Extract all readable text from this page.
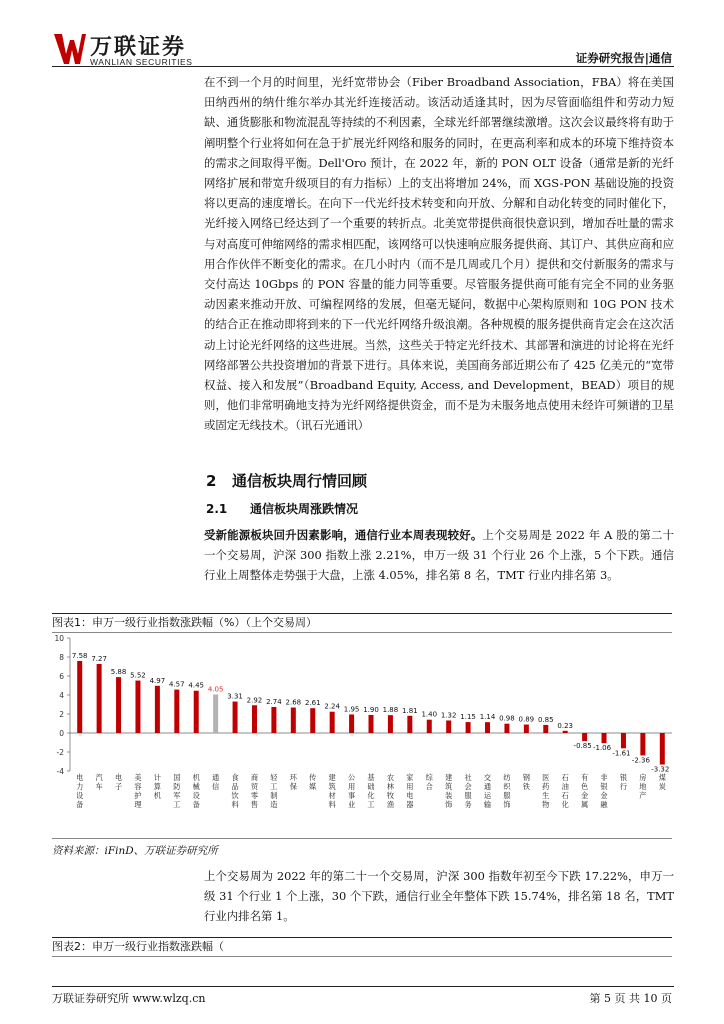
万联证券
WANLIAN SECURITIES	证券研究报告|通信
在不到一个月的时间里，光纤宽带协会（Fiber Broadband Association，FBA）将在美国田纳西州的纳什维尔举办其光纤连接活动。该活动适逢其时，因为尽管面临组件和劳动力短缺、通货膨胀和物流混乱等持续的不利因素，全球光纤部署继续激增。这次会议最终将有助于阐明整个行业将如何在急于扩展光纤网络和服务的同时，在更高利率和成本的环境下维持资本的需求之间取得平衡。Dell'Oro 预计，在 2022 年，新的 PON OLT 设备（通常是新的光纤网络扩展和带宽升级项目的有力指标）上的支出将增加 24%，而 XGS-PON 基础设施的投资将以更高的速度增长。在向下一代光纤技术转变和向开放、分解和自动化转变的同时催化下，光纤接入网络已经达到了一个重要的转折点。北美宽带提供商很快意识到，增加吞吐量的需求与对高度可伸缩网络的需求相匹配，该网络可以快速响应服务提供商、其订户、其供应商和应用合作伙伴不断变化的需求。在几小时内（而不是几周或几个月）提供和交付新服务的需求与交付高达 10Gbps 的 PON 容量的能力同等重要。尽管服务提供商可能有完全不同的业务驱动因素来推动开放、可编程网络的发展，但毫无疑问，数据中心架构原则和 10G PON 技术的结合正在推动即将到来的下一代光纤网络升级浪潮。各种规模的服务提供商肯定会在这次活动上讨论光纤网络的这些进展。当然，这些关于特定光纤技术、其部署和演进的讨论将在光纤网络部署公共投资增加的背景下进行。具体来说，美国商务部近期公布了 425 亿美元的“宽带权益、接入和发展”（Broadband Equity, Access, and Development，BEAD）项目的规则，他们非常明确地支持为光纤网络提供资金，而不是为未服务地点使用未经许可频谱的卫星或固定无线技术。（讯石光通讯）
2 通信板块周行情回顾
2.1 通信板块周涨跌情况
受新能源板块回升因素影响，通信行业本周表现较好。上个交易周是 2022 年 A 股的第二十一个交易周，沪深 300 指数上涨 2.21%，申万一级 31 个行业 26 个上涨，5 个下跌。通信行业上周整体走势强于大盘，上涨 4.05%，排名第 8 名，TMT 行业内排名第 3。
图表1：申万一级行业指数涨跌幅（%）（上个交易周）
-4
-2
0
2
4
6
8
10
7.58
电力设备
7.27
汽车
5.88
电子
5.52
美容护理
4.97
计算机
4.57
国防军工
4.45
机械设备
4.05
通信
3.31
食品饮料
2.92
商贸零售
2.74
轻工制造
2.68
环保
2.61
传媒
2.24
建筑材料
1.95
公用事业
1.90
基础化工
1.88
农林牧渔
1.81
家用电器
1.40
综合
1.32
建筑装饰
1.15
社会服务
1.14
交通运输
0.98
纺织服饰
0.89
钢铁
0.85
医药生物
0.23
石油石化
-0.85
有色金属
-1.06
非银金融
-1.61
银行
-2.36
房地产
-3.32
煤炭
资料来源：iFinD、万联证券研究所
上个交易周为 2022 年的第二十一个交易周，沪深 300 指数年初至今下跌 17.22%，申万一级 31 个行业 1 个上涨，30 个下跌，通信行业全年整体下跌 15.74%，排名第 18 名，TMT 行业内排名第 1。
图表2：申万一级行业指数涨跌幅（
万联证券研究所 www.wlzq.cn	第 5 页 共 10 页
